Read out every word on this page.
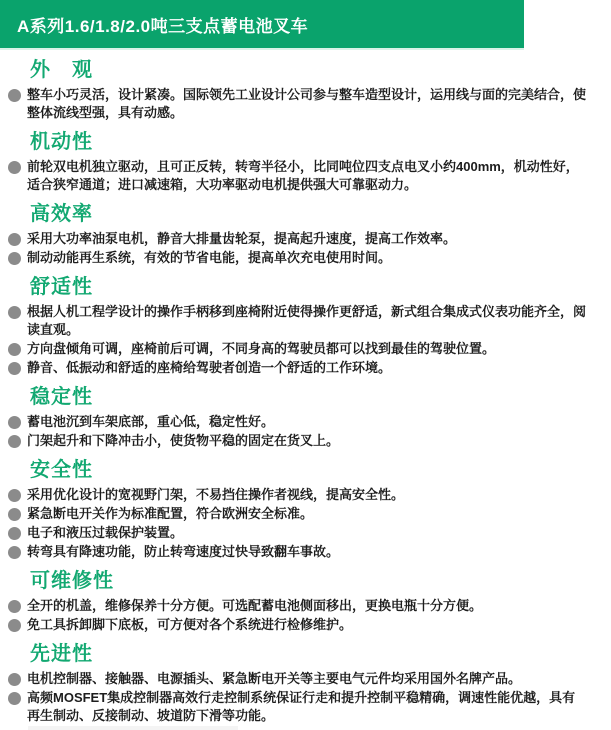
A系列1.6/1.8/2.0吨三支点蓄电池叉车
外　观
整车小巧灵活，设计紧凑。国际领先工业设计公司参与整车造型设计，运用线与面的完美结合，使整体流线型强，具有动感。
机动性
前轮双电机独立驱动，且可正反转，转弯半径小，比同吨位四支点电叉小约400mm，机动性好，适合狭窄通道；进口减速箱，大功率驱动电机提供强大可靠驱动力。
高效率
采用大功率油泵电机，静音大排量齿轮泵，提高起升速度，提高工作效率。
制动动能再生系统，有效的节省电能，提高单次充电使用时间。
舒适性
根据人机工程学设计的操作手柄移到座椅附近使得操作更舒适，新式组合集成式仪表功能齐全，阅读直观。
方向盘倾角可调，座椅前后可调，不同身高的驾驶员都可以找到最佳的驾驶位置。
静音、低振动和舒适的座椅给驾驶者创造一个舒适的工作环境。
稳定性
蓄电池沉到车架底部，重心低，稳定性好。
门架起升和下降冲击小，使货物平稳的固定在货叉上。
安全性
采用优化设计的宽视野门架，不易挡住操作者视线，提高安全性。
紧急断电开关作为标准配置，符合欧洲安全标准。
电子和液压过载保护装置。
转弯具有降速功能，防止转弯速度过快导致翻车事故。
可维修性
全开的机盖，维修保养十分方便。可选配蓄电池侧面移出，更换电瓶十分方便。
免工具拆卸脚下底板，可方便对各个系统进行检修维护。
先进性
电机控制器、接触器、电源插头、紧急断电开关等主要电气元件均采用国外名牌产品。
高频MOSFET集成控制器高效行走控制系统保证行走和提升控制平稳精确，调速性能优越，具有再生制动、反接制动、坡道防下滑等功能。
